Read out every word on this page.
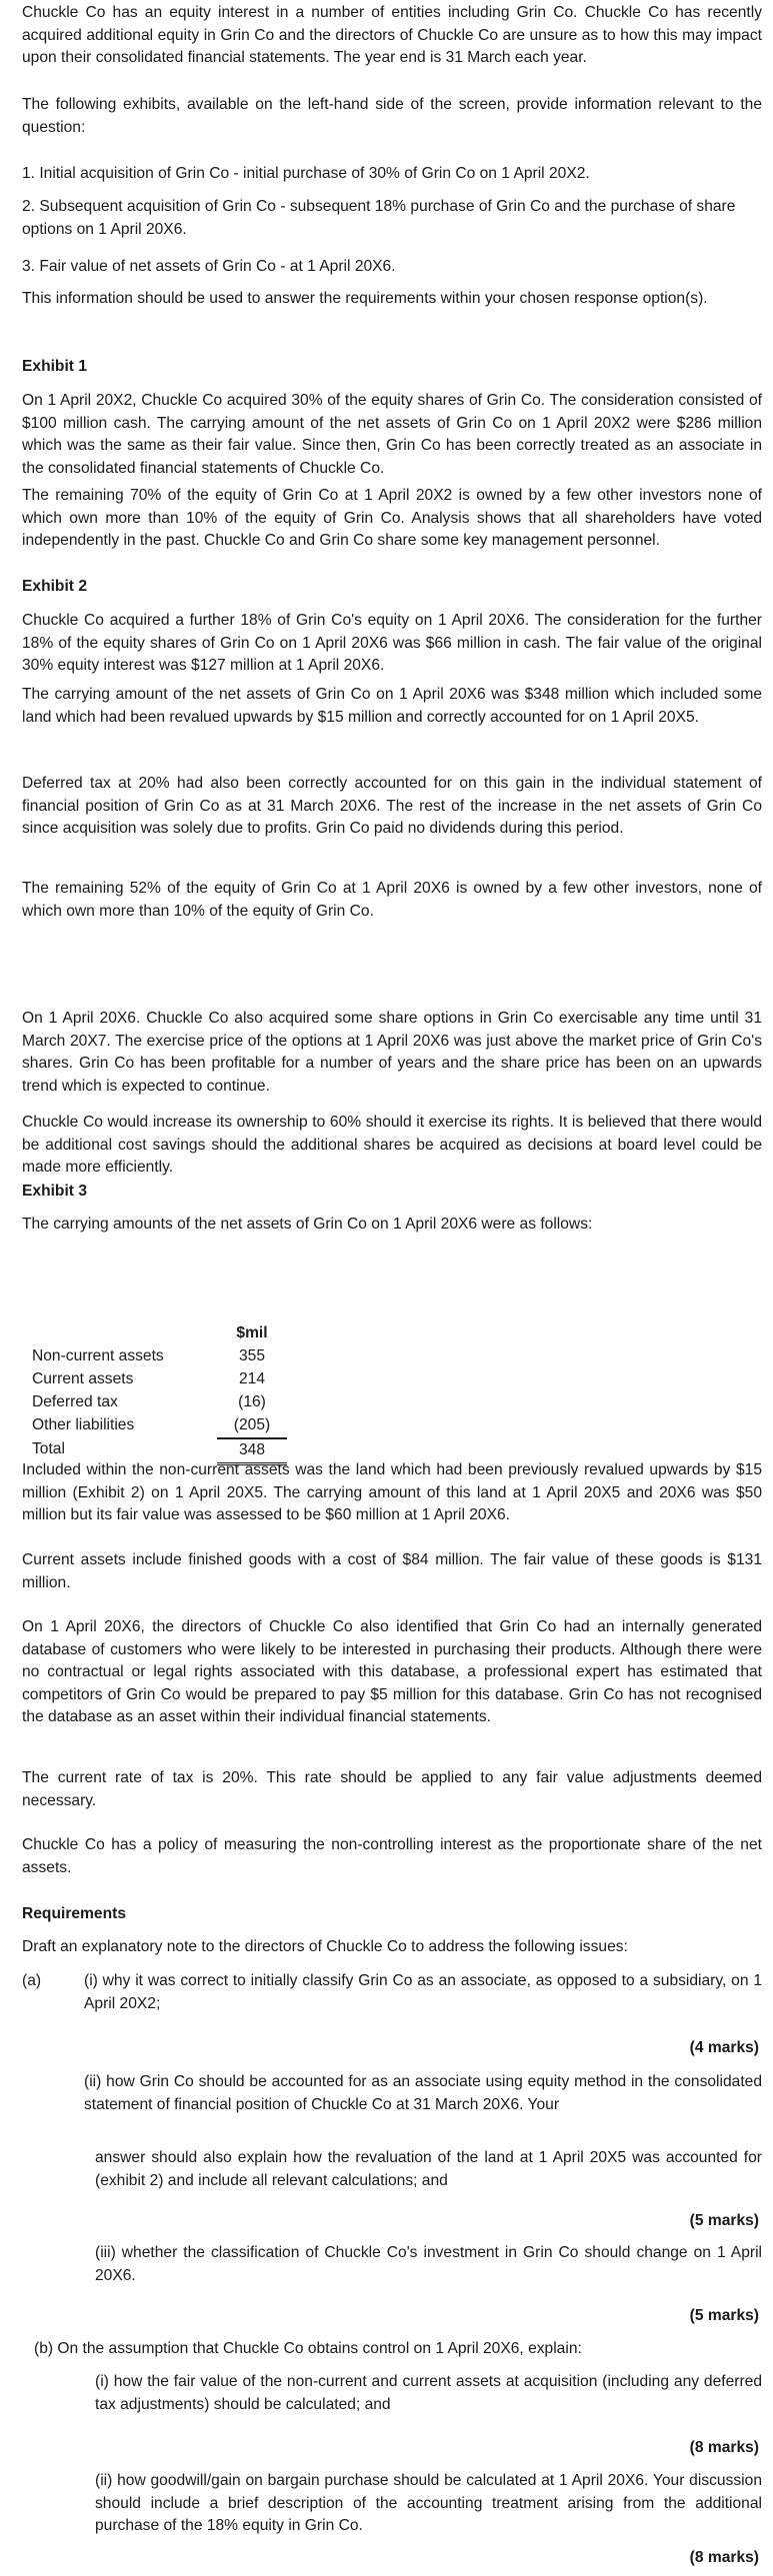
Chuckle Co has an equity interest in a number of entities including Grin Co. Chuckle Co has recently acquired additional equity in Grin Co and the directors of Chuckle Co are unsure as to how this may impact upon their consolidated financial statements. The year end is 31 March each year.

The following exhibits, available on the left-hand side of the screen, provide information relevant to the question:

1. Initial acquisition of Grin Co - initial purchase of 30% of Grin Co on 1 April 20X2.

2. Subsequent acquisition of Grin Co - subsequent 18% purchase of Grin Co and the purchase of share options on 1 April 20X6.

3. Fair value of net assets of Grin Co - at 1 April 20X6.

This information should be used to answer the requirements within your chosen response option(s).

Exhibit 1

On 1 April 20X2, Chuckle Co acquired 30% of the equity shares of Grin Co. The consideration consisted of $100 million cash. The carrying amount of the net assets of Grin Co on 1 April 20X2 were $286 million which was the same as their fair value. Since then, Grin Co has been correctly treated as an associate in the consolidated financial statements of Chuckle Co.

The remaining 70% of the equity of Grin Co at 1 April 20X2 is owned by a few other investors none of which own more than 10% of the equity of Grin Co. Analysis shows that all shareholders have voted independently in the past. Chuckle Co and Grin Co share some key management personnel.

Exhibit 2

Chuckle Co acquired a further 18% of Grin Co's equity on 1 April 20X6. The consideration for the further 18% of the equity shares of Grin Co on 1 April 20X6 was $66 million in cash. The fair value of the original 30% equity interest was $127 million at 1 April 20X6.

The carrying amount of the net assets of Grin Co on 1 April 20X6 was $348 million which included some land which had been revalued upwards by $15 million and correctly accounted for on 1 April 20X5.

Deferred tax at 20% had also been correctly accounted for on this gain in the individual statement of financial position of Grin Co as at 31 March 20X6. The rest of the increase in the net assets of Grin Co since acquisition was solely due to profits. Grin Co paid no dividends during this period.

The remaining 52% of the equity of Grin Co at 1 April 20X6 is owned by a few other investors, none of which own more than 10% of the equity of Grin Co.

On 1 April 20X6. Chuckle Co also acquired some share options in Grin Co exercisable any time until 31 March 20X7. The exercise price of the options at 1 April 20X6 was just above the market price of Grin Co's shares. Grin Co has been profitable for a number of years and the share price has been on an upwards trend which is expected to continue.

Chuckle Co would increase its ownership to 60% should it exercise its rights. It is believed that there would be additional cost savings should the additional shares be acquired as decisions at board level could be made more efficiently.

Exhibit 3

The carrying amounts of the net assets of Grin Co on 1 April 20X6 were as follows:

$mil
Non-current assets	355
Current assets	214
Deferred tax	(16)
Other liabilities	(205)
Total	348

Included within the non-current assets was the land which had been previously revalued upwards by $15 million (Exhibit 2) on 1 April 20X5. The carrying amount of this land at 1 April 20X5 and 20X6 was $50 million but its fair value was assessed to be $60 million at 1 April 20X6.

Current assets include finished goods with a cost of $84 million. The fair value of these goods is $131 million.

On 1 April 20X6, the directors of Chuckle Co also identified that Grin Co had an internally generated database of customers who were likely to be interested in purchasing their products. Although there were no contractual or legal rights associated with this database, a professional expert has estimated that competitors of Grin Co would be prepared to pay $5 million for this database. Grin Co has not recognised the database as an asset within their individual financial statements.

The current rate of tax is 20%. This rate should be applied to any fair value adjustments deemed necessary.

Chuckle Co has a policy of measuring the non-controlling interest as the proportionate share of the net assets.

Requirements

Draft an explanatory note to the directors of Chuckle Co to address the following issues:

(a)	(i) why it was correct to initially classify Grin Co as an associate, as opposed to a subsidiary, on 1 April 20X2;

(4 marks)

(ii) how Grin Co should be accounted for as an associate using equity method in the consolidated statement of financial position of Chuckle Co at 31 March 20X6. Your

answer should also explain how the revaluation of the land at 1 April 20X5 was accounted for (exhibit 2) and include all relevant calculations; and

(5 marks)

(iii) whether the classification of Chuckle Co's investment in Grin Co should change on 1 April 20X6.

(5 marks)

(b) On the assumption that Chuckle Co obtains control on 1 April 20X6, explain:

(i) how the fair value of the non-current and current assets at acquisition (including any deferred tax adjustments) should be calculated; and

(8 marks)

(ii) how goodwill/gain on bargain purchase should be calculated at 1 April 20X6. Your discussion should include a brief description of the accounting treatment arising from the additional purchase of the 18% equity in Grin Co.

(8 marks)
